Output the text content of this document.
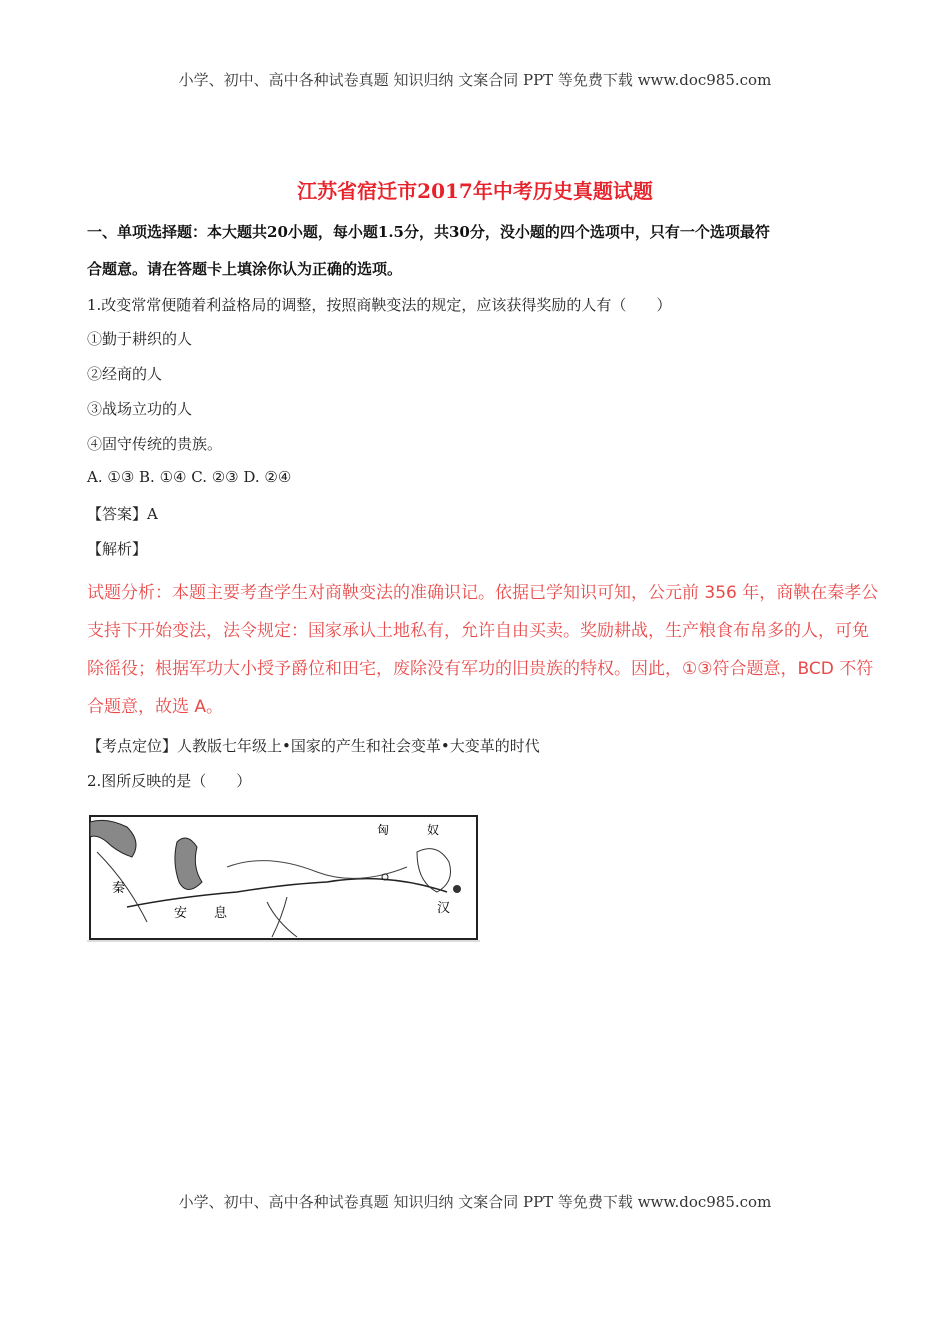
小学、初中、高中各种试卷真题 知识归纳 文案合同 PPT 等免费下载 www.doc985.com
江苏省宿迁市2017年中考历史真题试题
一、单项选择题：本大题共20小题，每小题1.5分，共30分，没小题的四个选项中，只有一个选项最符
合题意。请在答题卡上填涂你认为正确的选项。
1.改变常常便随着利益格局的调整，按照商鞅变法的规定，应该获得奖励的人有（　　）
①勤于耕织的人
②经商的人
③战场立功的人
④固守传统的贵族。
A. ①③ B. ①④ C. ②③ D. ②④
【答案】A
【解析】
试题分析：本题主要考查学生对商鞅变法的准确识记。依据已学知识可知，公元前 356 年，商鞅在秦孝公
支持下开始变法，法令规定：国家承认土地私有，允许自由买卖。奖励耕战，生产粮食布帛多的人，可免
除徭役；根据军功大小授予爵位和田宅，废除没有军功的旧贵族的特权。因此，①③符合题意，BCD 不符
合题意，故选 A。
【考点定位】人教版七年级上•国家的产生和社会变革•大变革的时代
2.图所反映的是（　　）
秦
安 息
匈	奴
汉
小学、初中、高中各种试卷真题 知识归纳 文案合同 PPT 等免费下载 www.doc985.com
